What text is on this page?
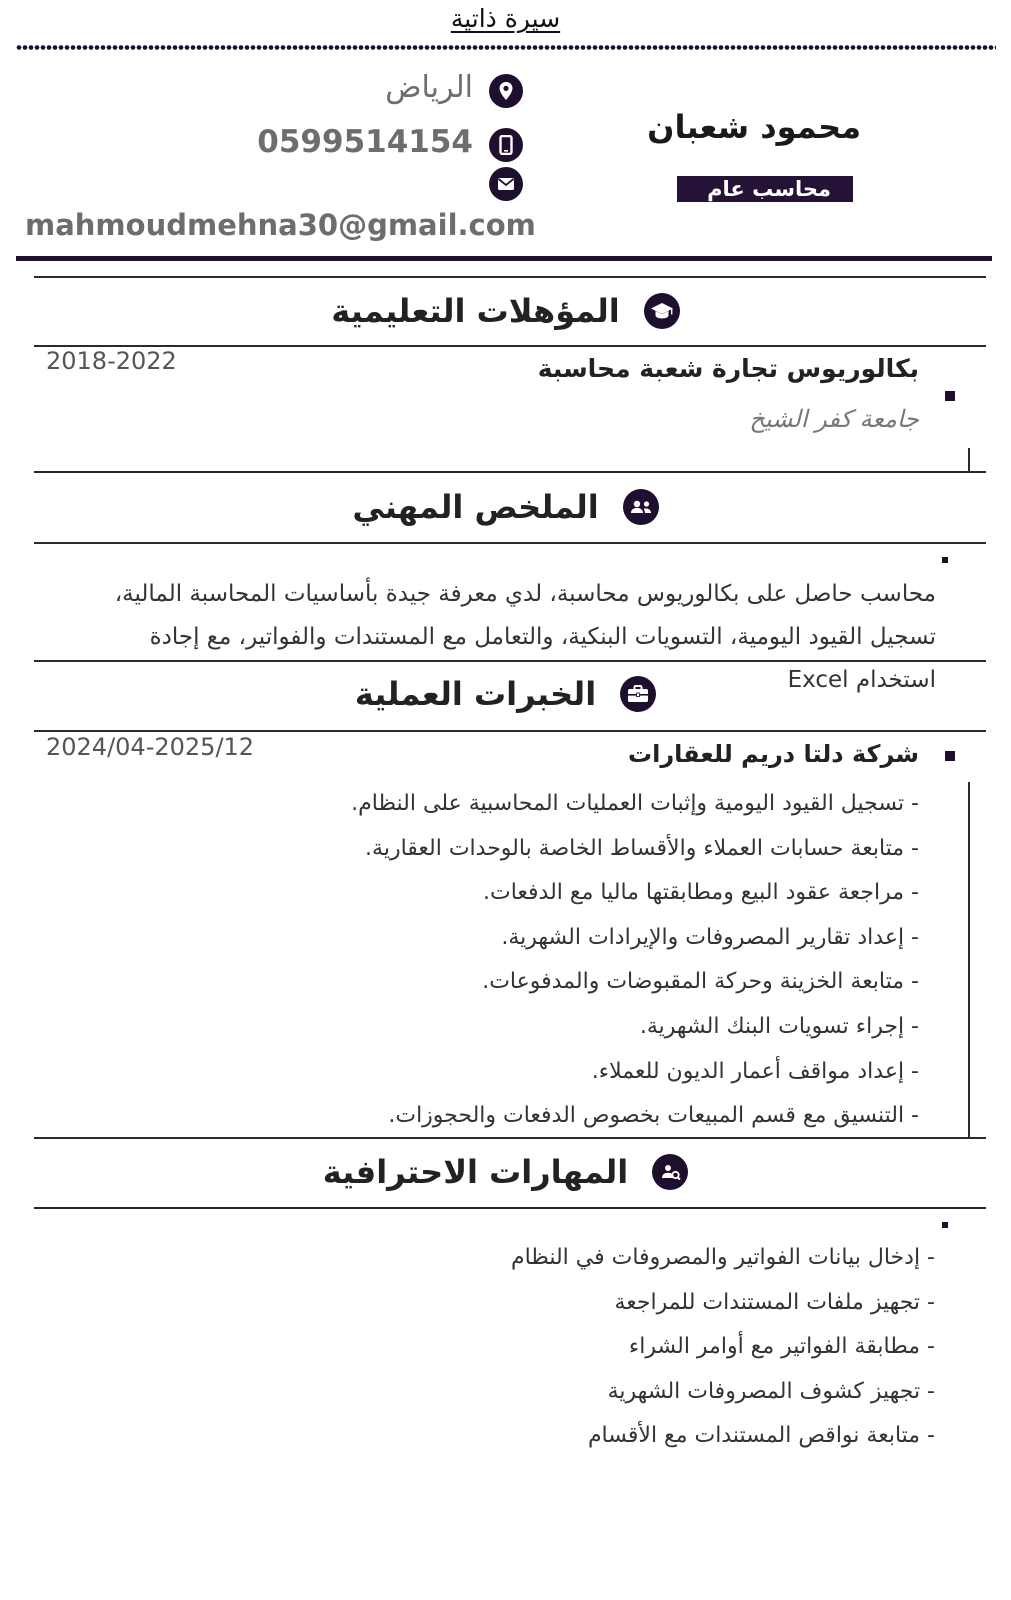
سيرة ذاتية
محمود شعبان
محاسب عام
الرياض
0599514154
mahmoudmehna30@gmail.com
المؤهلات التعليمية
بكالوريوس تجارة شعبة محاسبة
جامعة كفر الشيخ
2018-2022
الملخص المهني
محاسب حاصل على بكالوريوس محاسبة، لدي معرفة جيدة بأساسيات المحاسبة المالية، تسجيل القيود اليومية، التسويات البنكية، والتعامل مع المستندات والفواتير، مع إجادة استخدام Excel
الخبرات العملية
شركة دلتا دريم للعقارات
2024/04-2025/12
- تسجيل القيود اليومية وإثبات العمليات المحاسبية على النظام.
- متابعة حسابات العملاء والأقساط الخاصة بالوحدات العقارية.
- مراجعة عقود البيع ومطابقتها ماليا مع الدفعات.
- إعداد تقارير المصروفات والإيرادات الشهرية.
- متابعة الخزينة وحركة المقبوضات والمدفوعات.
- إجراء تسويات البنك الشهرية.
- إعداد مواقف أعمار الديون للعملاء.
- التنسيق مع قسم المبيعات بخصوص الدفعات والحجوزات.
المهارات الاحترافية
- إدخال بيانات الفواتير والمصروفات في النظام
- تجهيز ملفات المستندات للمراجعة
- مطابقة الفواتير مع أوامر الشراء
- تجهيز كشوف المصروفات الشهرية
- متابعة نواقص المستندات مع الأقسام
